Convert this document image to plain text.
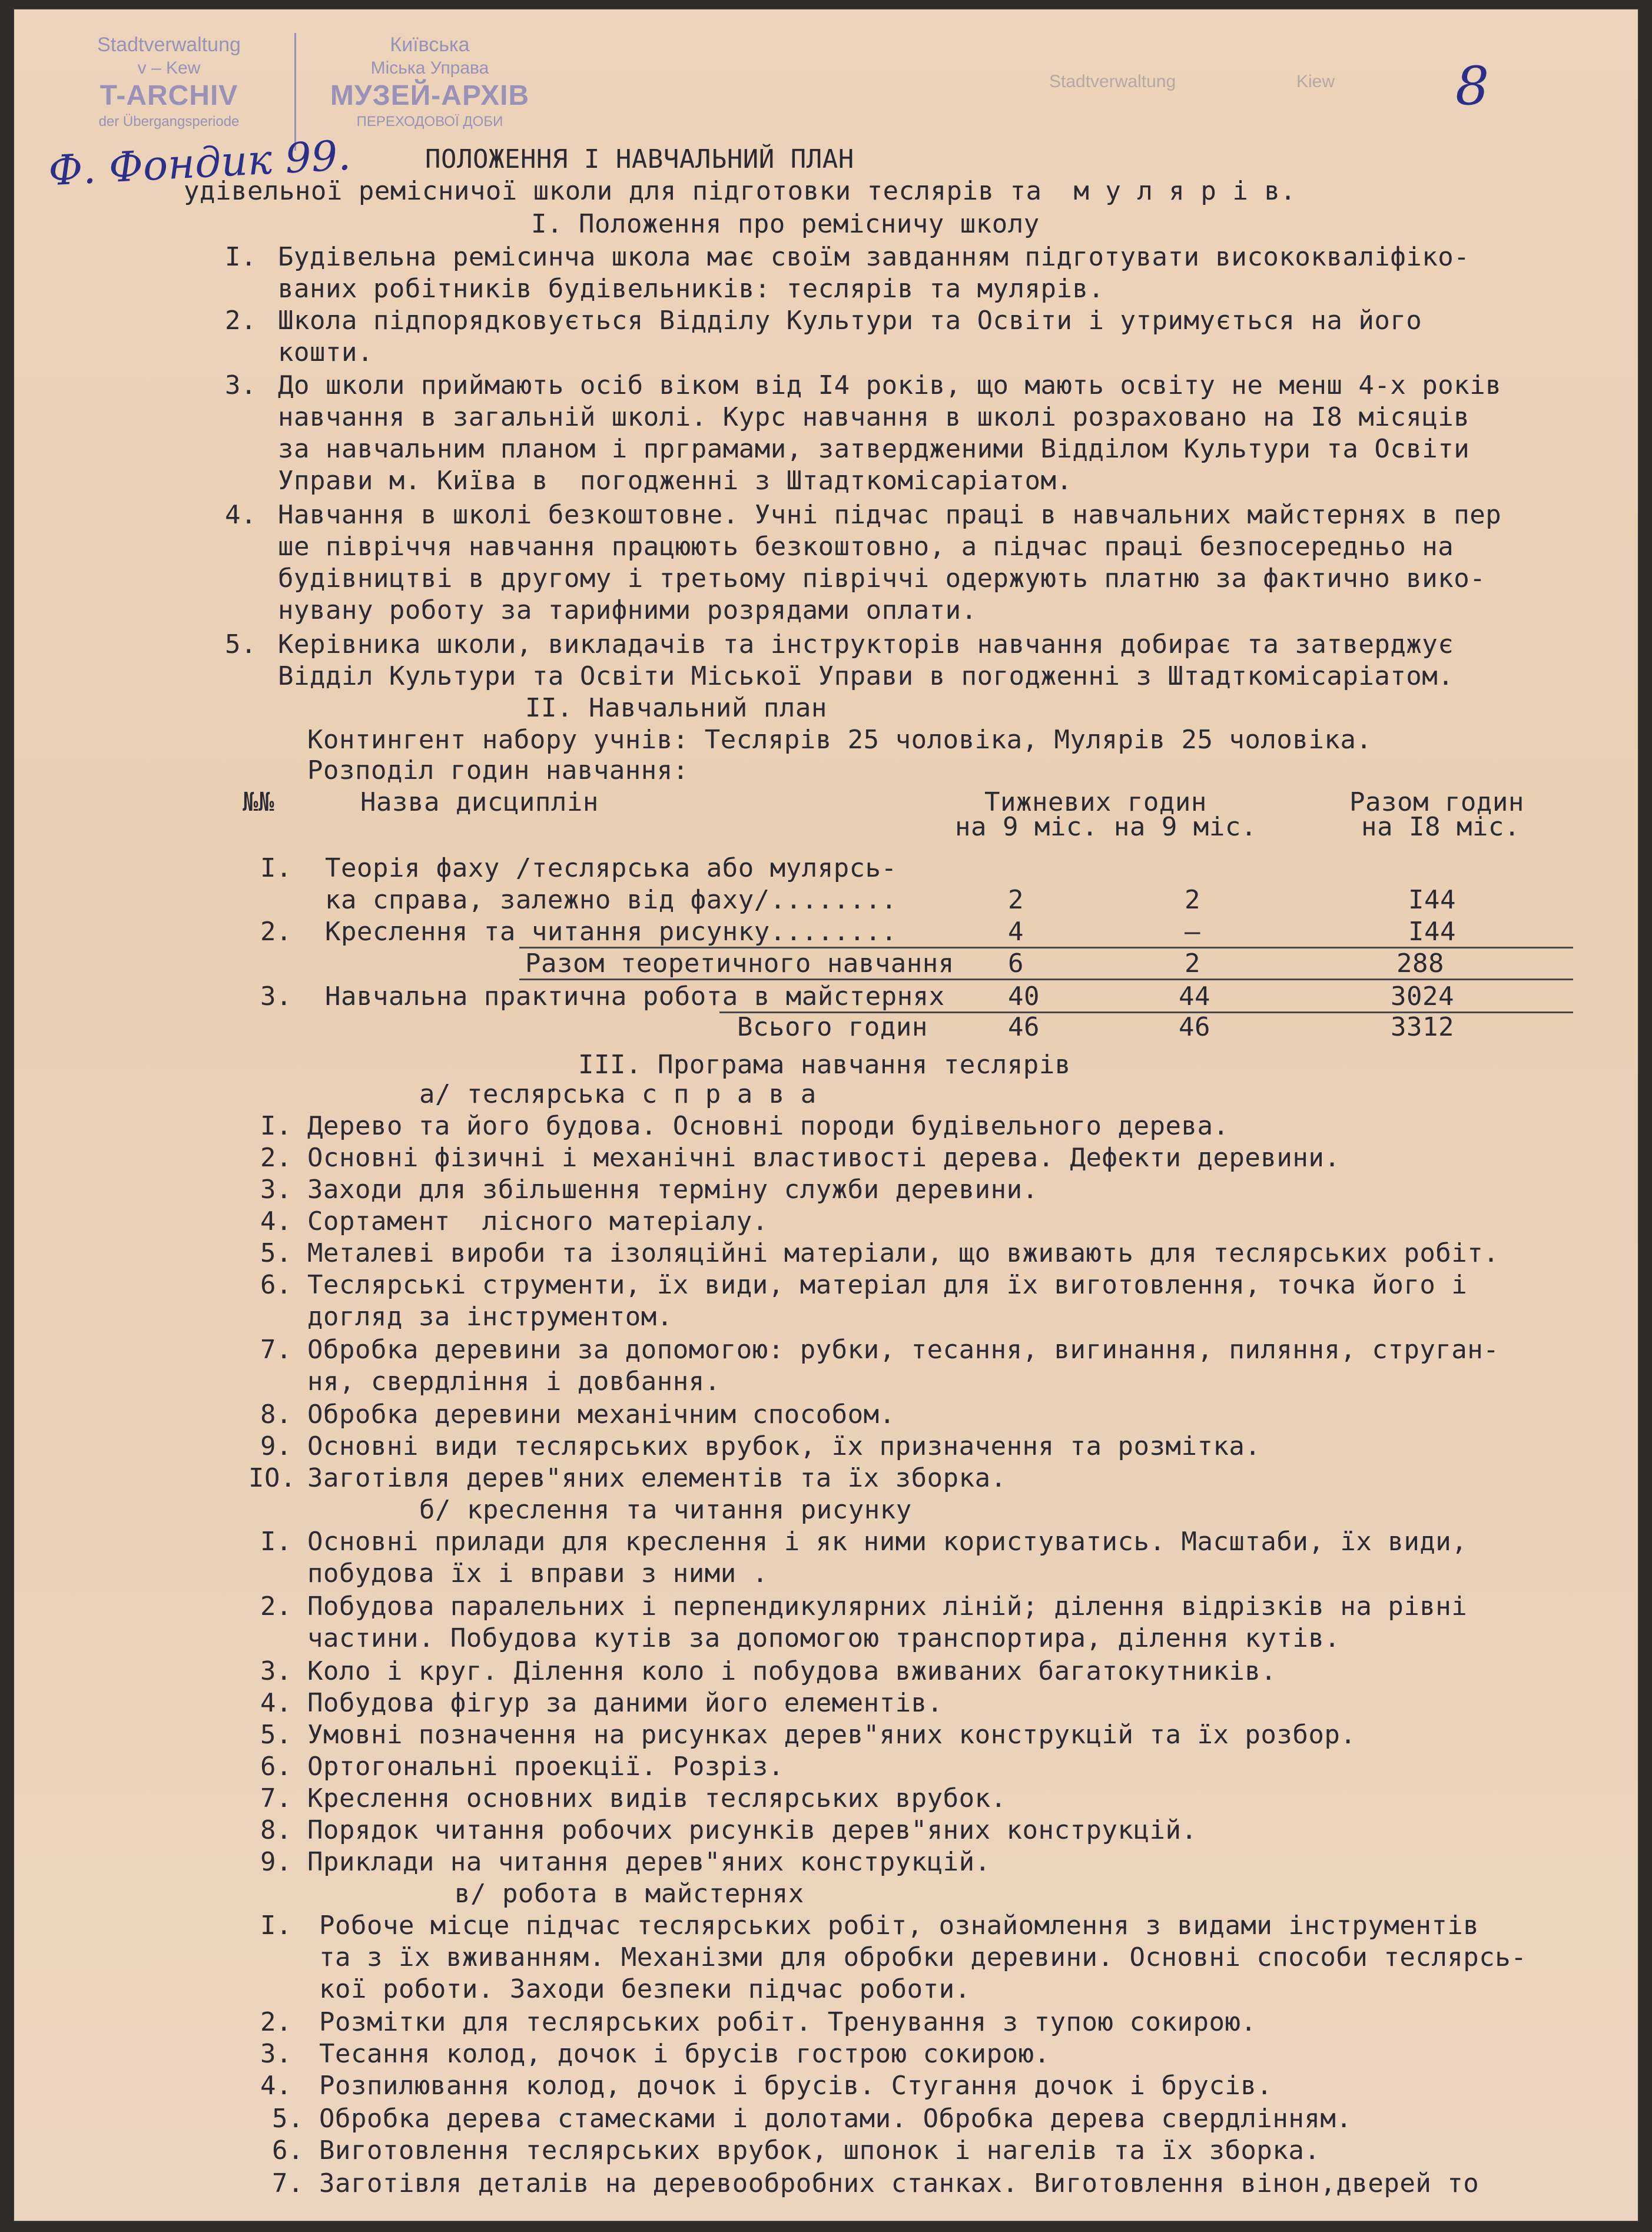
Stadtverwaltung
v – Kew
T-ARCHIV
der Übergangsperiode
Київська
Міська Управа
МУЗЕЙ-АРХІВ
ПЕРЕХОДОВОЇ ДОБИ
Stadtverwaltung	Kiew 8
Ф. Фондик 99.	ПОЛОЖЕННЯ І НАВЧАЛЬНИЙ ПЛАН
удівельної ремісничої школи для підготовки теслярів та  м у л я р і в.
І. Положення про ремісничу школу
І. Будівельна ремісинча школа має своїм завданням підготувати висококваліфіко-
ваних робітників будівельників: теслярів та мулярів.
2. Школа підпорядковується Відділу Культури та Освіти і утримується на його
кошти.
3. До школи приймають осіб віком від І4 років, що мають освіту не менш 4-х років
навчання в загальній школі. Курс навчання в школі розраховано на І8 місяців
за навчальним планом і прграмами, затвердженими Відділом Культури та Освіти
Управи м. Київа в  погодженні з Штадткомісаріатом.
4. Навчання в школі безкоштовне. Учні підчас праці в навчальних майстернях в пер
ше півріччя навчання працюють безкоштовно, а підчас праці безпосередньо на
будівництві в другому і третьому півріччі одержують платню за фактично вико-
нувану роботу за тарифними розрядами оплати.
5. Керівника школи, викладачів та інструкторів навчання добирає та затверджує
Відділ Культури та Освіти Міської Управи в погодженні з Штадткомісаріатом.
ІІ. Навчальний план
Контингент набору учнів: Теслярів 25 чоловіка, Мулярів 25 чоловіка.
Розподіл годин навчання:
№№	Назва дисциплін	Тижневих годин
на 9 міс. на 9 міс.
Разом годин
на І8 міс.
І. Теорія фаху /теслярська або мулярсь-
ка справа, залежно від фаху/........	2	2	І44
2. Креслення та читання рисунку........	4	–	І44
Разом теоретичного навчання 6	2	288
3. Навчальна практична робота в майстернях 40	44	3024
Всього годин	46	46	3312
ІІІ. Програма навчання теслярів
а/ теслярська с п р а в а
І. Дерево та його будова. Основні породи будівельного дерева.
2. Основні фізичні і механічні властивості дерева. Дефекти деревини.
3. Заходи для збільшення терміну служби деревини.
4. Сортамент  лісного матеріалу.
5. Металеві вироби та ізоляційні матеріали, що вживають для теслярських робіт.
6. Теслярські струменти, їх види, матеріал для їх виготовлення, точка його і
догляд за інструментом.
7. Обробка деревини за допомогою: рубки, тесання, вигинання, пиляння, струган-
ня, свердління і довбання.
8. Обробка деревини механічним способом.
9. Основні види теслярських врубок, їх призначення та розмітка.
ІО. Заготівля дерев"яних елементів та їх зборка.
б/ креслення та читання рисунку
І. Основні прилади для креслення і як ними користуватись. Масштаби, їх види,
побудова їх і вправи з ними .
2. Побудова паралельних і перпендикулярних ліній; ділення відрізків на рівні
частини. Побудова кутів за допомогою транспортира, ділення кутів.
3. Коло і круг. Ділення коло і побудова вживаних багатокутників.
4. Побудова фігур за даними його елементів.
5. Умовні позначення на рисунках дерев"яних конструкцій та їх розбор.
6. Ортогональні проекції. Розріз.
7. Креслення основних видів теслярських врубок.
8. Порядок читання робочих рисунків дерев"яних конструкцій.
9. Приклади на читання дерев"яних конструкцій.
в/ робота в майстернях
І. Робоче місце підчас теслярських робіт, ознайомлення з видами інструментів
та з їх вживанням. Механізми для обробки деревини. Основні способи теслярсь-
кої роботи. Заходи безпеки підчас роботи.
2. Розмітки для теслярських робіт. Тренування з тупою сокирою.
3. Тесання колод, дочок і брусів гострою сокирою.
4. Розпилювання колод, дочок і брусів. Стугання дочок і брусів.
5. Обробка дерева стамесками і долотами. Обробка дерева свердлінням.
6. Виготовлення теслярських врубок, шпонок і нагелів та їх зборка.
7. Заготівля деталів на деревообробних станках. Виготовлення вінон,дверей то
